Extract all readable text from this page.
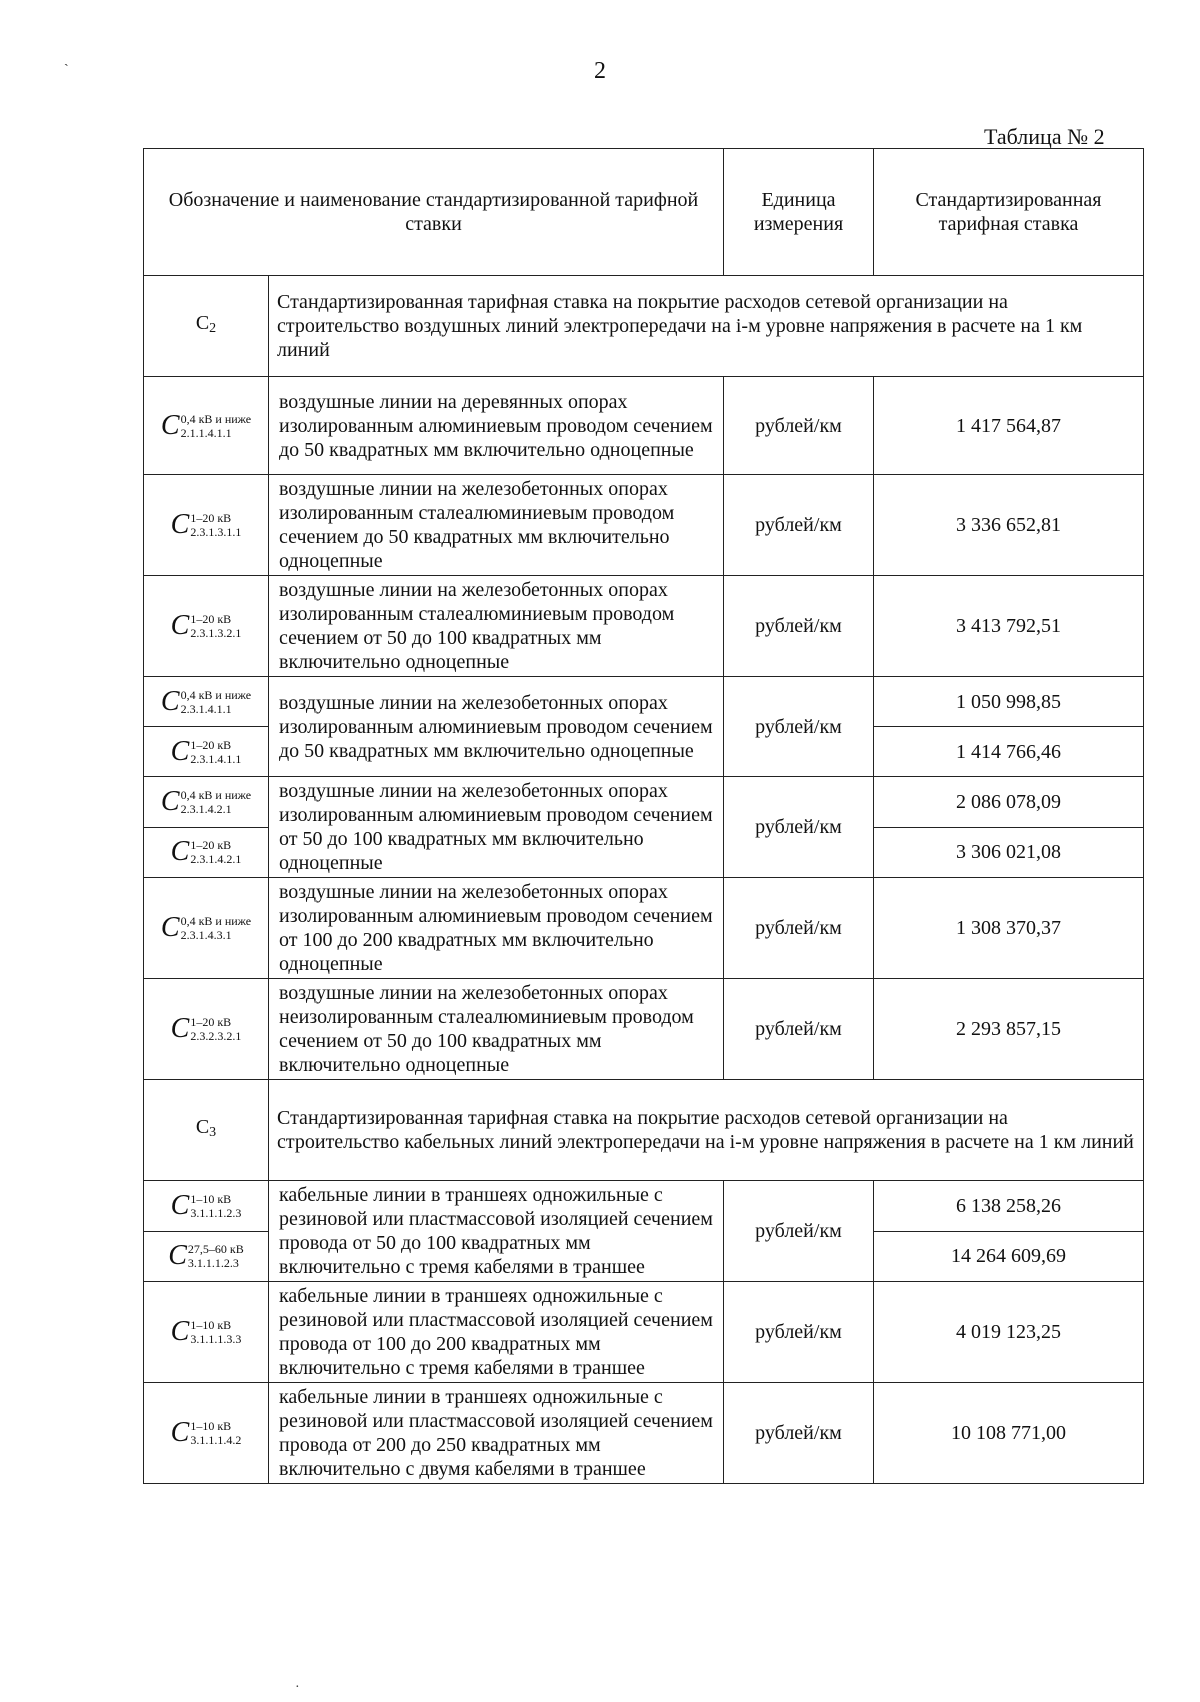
2
Таблица № 2
Обозначение и наименование стандартизированной тарифной ставки		Единица измерения	Стандартизированная тарифная ставка
C2	Стандартизированная тарифная ставка на покрытие расходов сетевой организации на строительство воздушных линий электропередачи на i-м уровне напряжения в расчете на 1 км линий		

C 0,4 кВ и ниже
2.1.1.4.1.1	воздушные линии на деревянных опорах изолированным алюминиевым проводом сечением до 50 квадратных мм включительно одноцепные	рублей/км	1 417 564,87

C 1–20 кВ
2.3.1.3.1.1	воздушные линии на железобетонных опорах изолированным сталеалюминиевым проводом сечением до 50 квадратных мм включительно одноцепные	рублей/км	3 336 652,81

C 1–20 кВ
2.3.1.3.2.1	воздушные линии на железобетонных опорах изолированным сталеалюминиевым проводом сечением от 50 до 100 квадратных мм включительно одноцепные	рублей/км	3 413 792,51

C 0,4 кВ и ниже
2.3.1.4.1.1	воздушные линии на железобетонных опорах изолированным алюминиевым проводом сечением до 50 квадратных мм включительно одноцепные	рублей/км	1 050 998,85

C 1–20 кВ
2.3.1.4.1.1			1 414 766,46

C 0,4 кВ и ниже
2.3.1.4.2.1	воздушные линии на железобетонных опорах изолированным алюминиевым проводом сечением от 50 до 100 квадратных мм включительно одноцепные	рублей/км	2 086 078,09

C 1–20 кВ
2.3.1.4.2.1			3 306 021,08

C 0,4 кВ и ниже
2.3.1.4.3.1	воздушные линии на железобетонных опорах изолированным алюминиевым проводом сечением от 100 до 200 квадратных мм включительно одноцепные	рублей/км	1 308 370,37

C 1–20 кВ
2.3.2.3.2.1	воздушные линии на железобетонных опорах неизолированным сталеалюминиевым проводом сечением от 50 до 100 квадратных мм включительно одноцепные	рублей/км	2 293 857,15
C3	Стандартизированная тарифная ставка на покрытие расходов сетевой организации на строительство кабельных линий электропередачи на i-м уровне напряжения в расчете на 1 км линий		

C 1–10 кВ
3.1.1.1.2.3	кабельные линии в траншеях одножильные с резиновой или пластмассовой изоляцией сечением провода от 50 до 100 квадратных мм включительно с тремя кабелями в траншее	рублей/км	6 138 258,26

C 27,5–60 кВ
3.1.1.1.2.3			14 264 609,69

C 1–10 кВ
3.1.1.1.3.3	кабельные линии в траншеях одножильные с резиновой или пластмассовой изоляцией сечением провода от 100 до 200 квадратных мм включительно с тремя кабелями в траншее	рублей/км	4 019 123,25

C 1–10 кВ
3.1.1.1.4.2	кабельные линии в траншеях одножильные с резиновой или пластмассовой изоляцией сечением провода от 200 до 250 квадратных мм включительно с двумя кабелями в траншее	рублей/км	10 108 771,00
ˏ
·
